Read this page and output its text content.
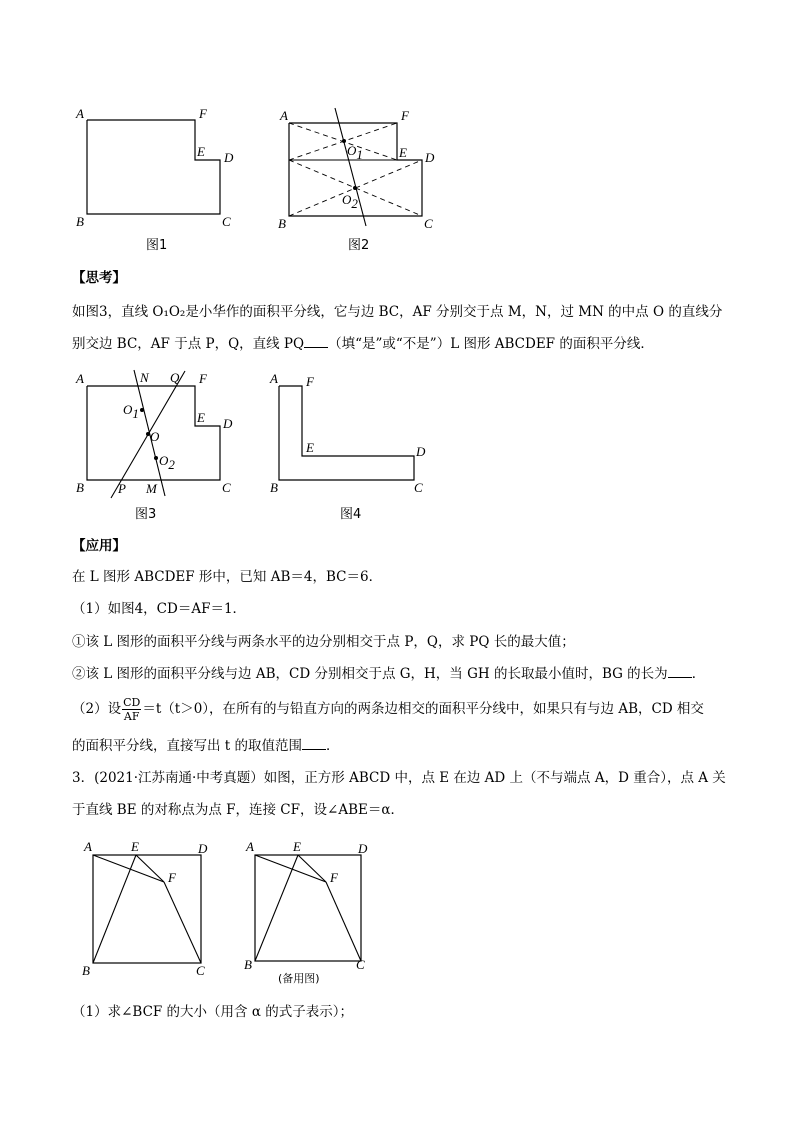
A	F
E D
B	C
图1
A	F
E D
O1
O2
B	C
图2
【思考】
如图3，直线 O₁O₂是小华作的面积平分线，它与边 BC，AF 分别交于点 M，N，过 MN 的中点 O 的直线分
别交边 BC，AF 于点 P，Q，直线 PQ （填“是”或“不是”）L 图形 ABCDEF 的面积平分线．
A	N Q F
E D
O1
O
O2
B	P M	C
图3
A F
E	D
B	C
图4
【应用】
在 L 图形 ABCDEF 形中，已知 AB＝4，BC＝6．
（1）如图4，CD＝AF＝1．
①该 L 图形的面积平分线与两条水平的边分别相交于点 P，Q，求 PQ 长的最大值；
②该 L 图形的面积平分线与边 AB，CD 分别相交于点 G，H，当 GH 的长取最小值时，BG 的长为 ．
（2）设 $\frac{CD}{AF} =t(t>0)$，在所有的与铅直方向的两条边相交的面积平分线中，如果只有与边 AB，CD 相交
的面积平分线，直接写出 t 的取值范围 ．
3．(2021·江苏南通·中考真题）如图，正方形 ABCD 中，点 E 在边 AD 上（不与端点 A，D 重合），点 A 关
于直线 BE 的对称点为点 F，连接 CF，设∠ABE＝α．
A	E	D
F
B	C
A	E	D
F
B	C
(备用图)
（1）求∠BCF 的大小（用含 α 的式子表示）；
